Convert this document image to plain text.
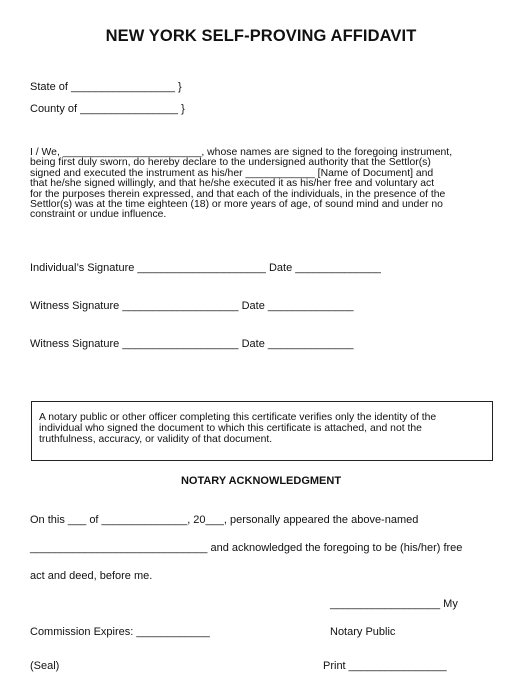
NEW YORK SELF-PROVING AFFIDAVIT
State of _________________ }
County of ________________ }
I / We, ________________________, whose names are signed to the foregoing instrument,
being first duly sworn, do hereby declare to the undersigned authority that the Settlor(s)
signed and executed the instrument as his/her ____________ [Name of Document] and
that he/she signed willingly, and that he/she executed it as his/her free and voluntary act
for the purposes therein expressed, and that each of the individuals, in the presence of the
Settlor(s) was at the time eighteen (18) or more years of age, of sound mind and under no
constraint or undue influence.
Individual’s Signature _____________________ Date ______________
Witness Signature ___________________ Date ______________
Witness Signature ___________________ Date ______________
A notary public or other officer completing this certificate verifies only the identity of the
individual who signed the document to which this certificate is attached, and not the
truthfulness, accuracy, or validity of that document.
NOTARY ACKNOWLEDGMENT
On this ___ of ______________, 20___, personally appeared the above-named
_____________________________ and acknowledged the foregoing to be (his/her) free
act and deed, before me.
__________________ My
Commission Expires: ____________	Notary Public
(Seal)	Print ________________
